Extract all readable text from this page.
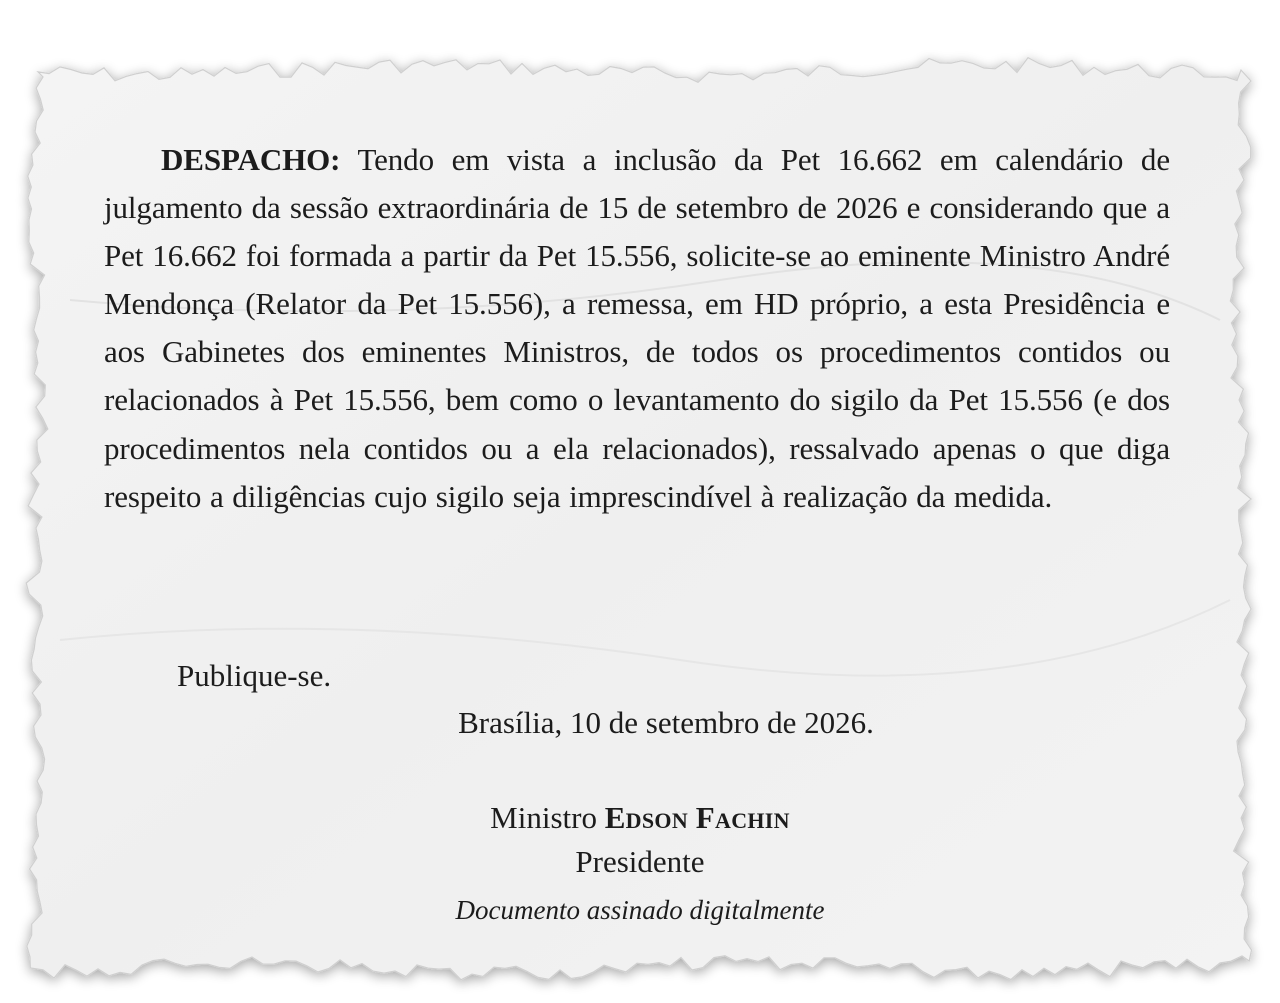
DESPACHO: Tendo em vista a inclusão da Pet 16.662 em calendário de julgamento da sessão extraordinária de 15 de setembro de 2026 e considerando que a Pet 16.662 foi formada a partir da Pet 15.556, solicite-se ao eminente Ministro André Mendonça (Relator da Pet 15.556), a remessa, em HD próprio, a esta Presidência e aos Gabinetes dos eminentes Ministros, de todos os procedimentos contidos ou relacionados à Pet 15.556, bem como o levantamento do sigilo da Pet 15.556 (e dos procedimentos nela contidos ou a ela relacionados), ressalvado apenas o que diga respeito a diligências cujo sigilo seja imprescindível à realização da medida.

Publique-se.
Brasília, 10 de setembro de 2026.
Ministro Edson Fachin
Presidente
Documento assinado digitalmente
